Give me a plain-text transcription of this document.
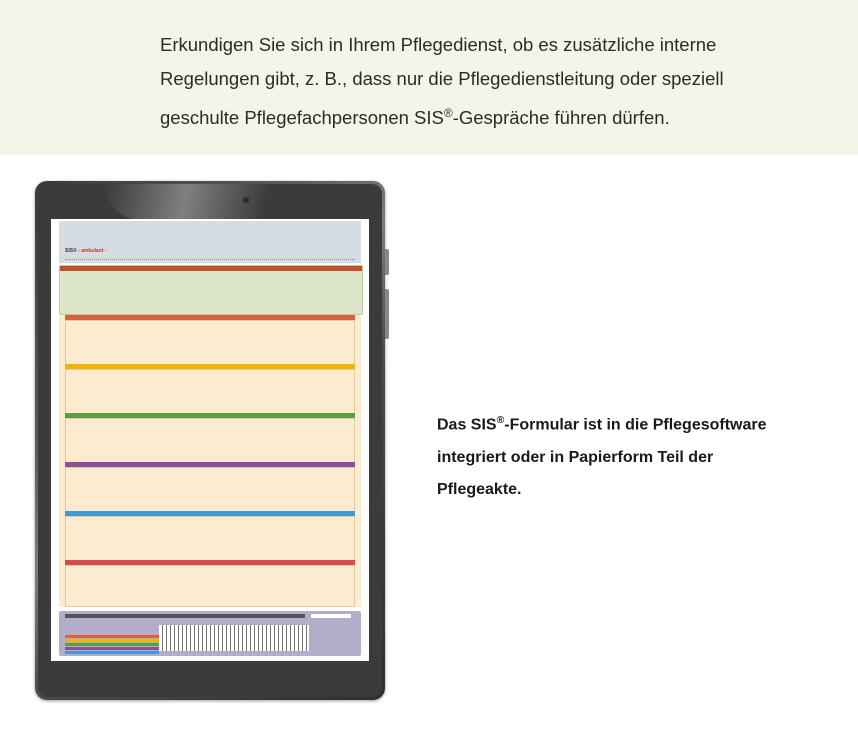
Erkundigen Sie sich in Ihrem Pflegedienst, ob es zusätzliche interne

Regelungen gibt, z. B., dass nur die Pflegedienstleitung oder speziell

geschulte Pflegefachpersonen SIS®-Gespräche führen dürfen.

SIS® - ambulant -

Das SIS®-Formular ist in die Pflegesoftware

integriert oder in Papierform Teil der

Pflegeakte.
